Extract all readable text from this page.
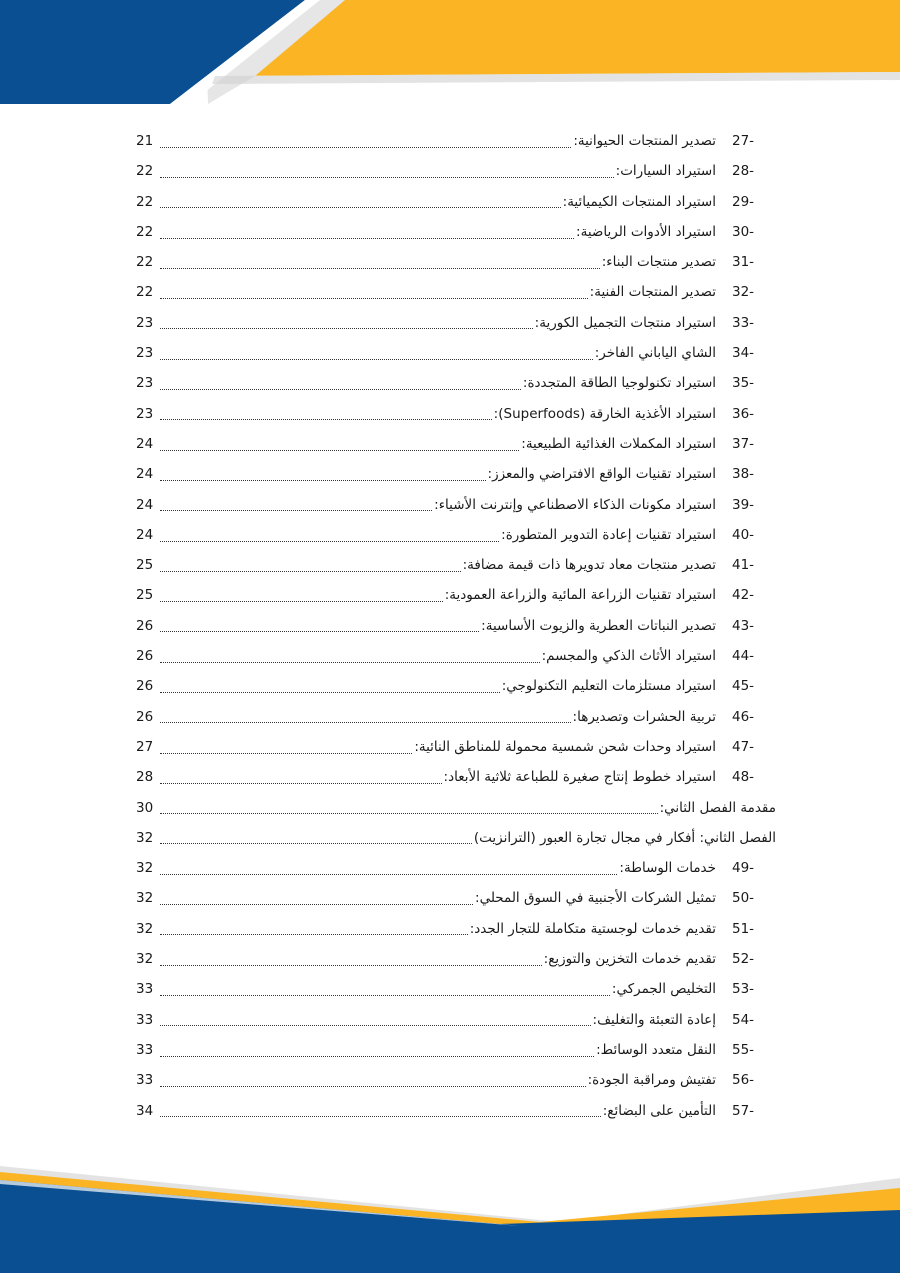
27-
تصدير المنتجات الحيوانية:
21
28-
استيراد السيارات:
22
29-
استيراد المنتجات الكيميائية:
22
30-
استيراد الأدوات الرياضية:
22
31-
تصدير منتجات البناء:
22
32-
تصدير المنتجات الفنية:
22
33-
استيراد منتجات التجميل الكورية:
23
34-
الشاي الياباني الفاخر:
23
35-
استيراد تكنولوجيا الطاقة المتجددة:
23
36-
استيراد الأغذية الخارقة (Superfoods):
23
37-
استيراد المكملات الغذائية الطبيعية:
24
38-
استيراد تقنيات الواقع الافتراضي والمعزز:
24
39-
استيراد مكونات الذكاء الاصطناعي وإنترنت الأشياء:
24
40-
استيراد تقنيات إعادة التدوير المتطورة:
24
41-
تصدير منتجات معاد تدويرها ذات قيمة مضافة:
25
42-
استيراد تقنيات الزراعة المائية والزراعة العمودية:
25
43-
تصدير النباتات العطرية والزيوت الأساسية:
26
44-
استيراد الأثاث الذكي والمجسم:
26
45-
استيراد مستلزمات التعليم التكنولوجي:
26
46-
تربية الحشرات وتصديرها:
26
47-
استيراد وحدات شحن شمسية محمولة للمناطق النائية:
27
48-
استيراد خطوط إنتاج صغيرة للطباعة ثلاثية الأبعاد:
28
مقدمة الفصل الثاني:
30
الفصل الثاني: أفكار في مجال تجارة العبور (الترانزيت)
32
49-
خدمات الوساطة:
32
50-
تمثيل الشركات الأجنبية في السوق المحلي:
32
51-
تقديم خدمات لوجستية متكاملة للتجار الجدد:
32
52-
تقديم خدمات التخزين والتوزيع:
32
53-
التخليص الجمركي:
33
54-
إعادة التعبئة والتغليف:
33
55-
النقل متعدد الوسائط:
33
56-
تفتيش ومراقبة الجودة:
33
57-
التأمين على البضائع:
34
